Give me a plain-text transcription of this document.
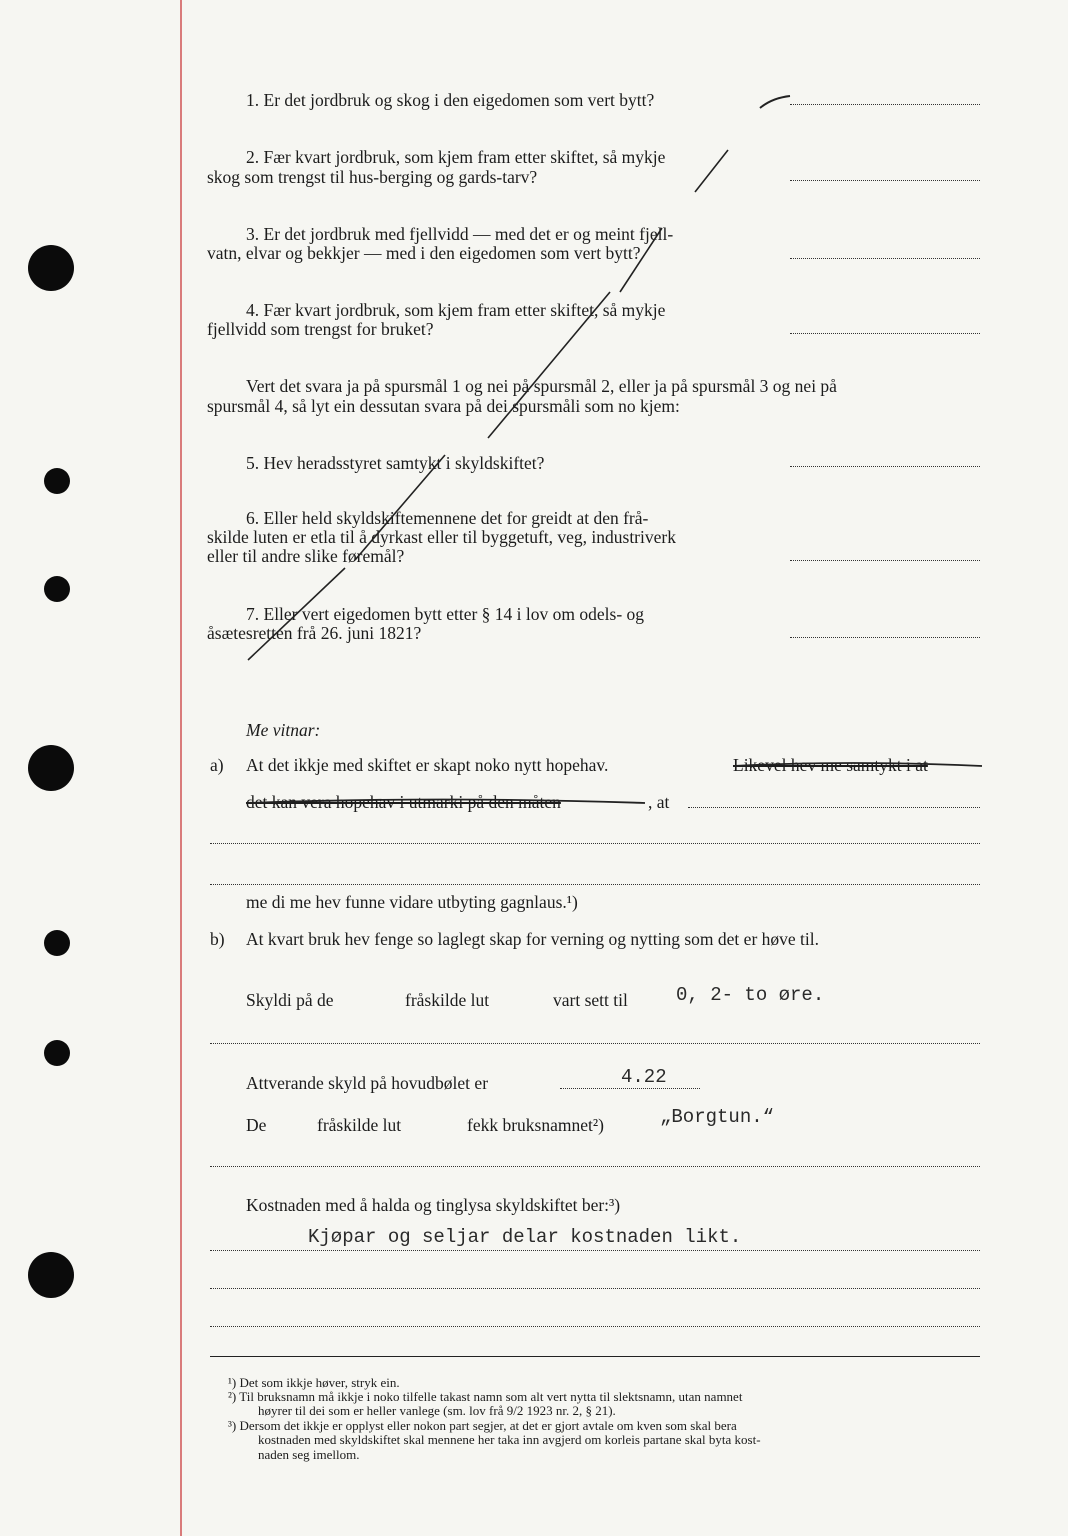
1. Er det jordbruk og skog i den eigedomen som vert bytt?
2. Fær kvart jordbruk, som kjem fram etter skiftet, så mykje
skog som trengst til hus-berging og gards-tarv?
3. Er det jordbruk med fjellvidd — med det er og meint fjell-
vatn, elvar og bekkjer — med i den eigedomen som vert bytt?
4. Fær kvart jordbruk, som kjem fram etter skiftet, så mykje
fjellvidd som trengst for bruket?
Vert det svara ja på spursmål 1 og nei på spursmål 2, eller ja på spursmål 3 og nei på
spursmål 4, så lyt ein dessutan svara på dei spursmåli som no kjem:
5. Hev heradsstyret samtykt i skyldskiftet?
6. Eller held skyldskiftemennene det for greidt at den frå-
skilde luten er etla til å dyrkast eller til byggetuft, veg, industriverk
eller til andre slike føremål?
7. Eller vert eigedomen bytt etter § 14 i lov om odels- og
åsætesretten frå 26. juni 1821?
Me vitnar:
a) At det ikkje med skiftet er skapt noko nytt hopehav.	Likevel hev me samtykt i at
det kan vera hopehav i utmarki på den måten	, at
me di me hev funne vidare utbyting gagnlaus.¹)
b) At kvart bruk hev fenge so laglegt skap for verning og nytting som det er høve til.
Skyldi på de	fråskilde lut	vart sett til	0, 2- to øre.
Attverande skyld på hovudbølet er	4.22
De	fråskilde lut	fekk bruksnamnet²)	„Borgtun.“
Kostnaden med å halda og tinglysa skyldskiftet ber:³)
Kjøpar og seljar delar kostnaden likt.
¹) Det som ikkje høver, stryk ein.
²) Til bruksnamn må ikkje i noko tilfelle takast namn som alt vert nytta til slektsnamn, utan namnet
høyrer til dei som er heller vanlege (sm. lov frå 9/2 1923 nr. 2, § 21).
³) Dersom det ikkje er opplyst eller nokon part segjer, at det er gjort avtale om kven som skal bera
kostnaden med skyldskiftet skal mennene her taka inn avgjerd om korleis partane skal byta kost-
naden seg imellom.
